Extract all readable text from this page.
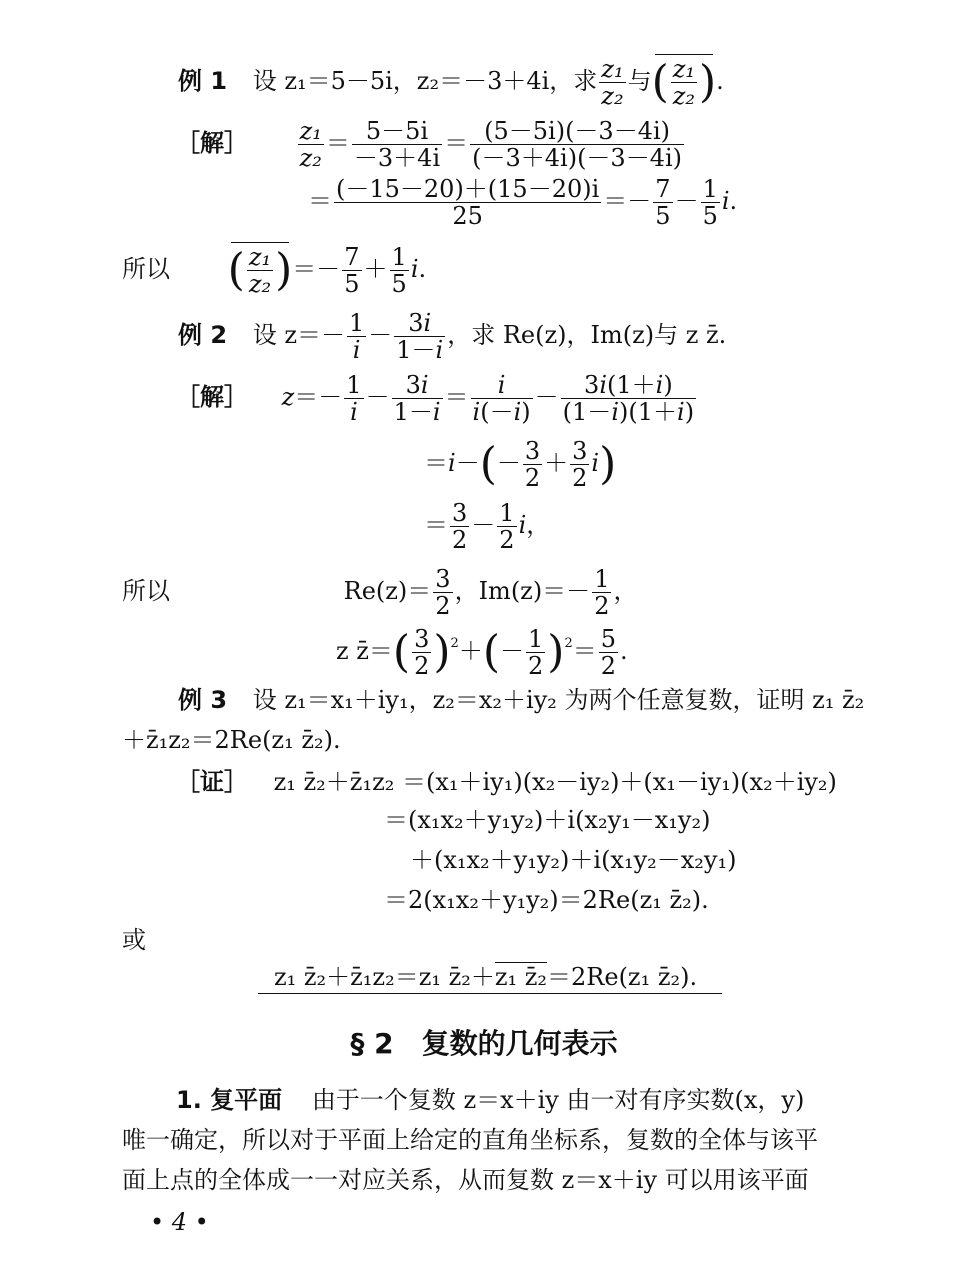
例 1 设 z₁＝5－5i，z₂＝－3＋4i，求 $\frac{\text{z₁}}{\text{z₂}}$ 与
( $\frac{\text{z₁}}{\text{z₂}}$ ).
［解］ $\frac{\text{z₁}}{\text{z₂}} = \frac{5-5i}{-3+4i} = \frac{(5-5i)(-3-4i)}{(-3+4i)(-3-4i)}$
＝ $\frac{(-15-20)+(15-20)i}{25} =- \frac{7}{5} - \frac{1}{5} i$.
所以 ( $\frac{\text{z₁}}{\text{z₂}}$ )＝－ $\frac{7}{5} + \frac{1}{5} i$.
例 2 设 $z=- \frac{1}{i} - \frac{3i}{1-i}$ ，求 Re(z)，Im(z)与 z z̄.
［解］ $z=- \frac{1}{i} - \frac{3i}{1-i} = \frac{i}{i(-i)} - \frac{3i(1+i)}{(1-i)(1+i)}$
$=i-(- \frac{3}{2} + \frac{3}{2} i)$
＝ $\frac{3}{2} - \frac{1}{2}$ i，
所以	$Re(z)= \frac{3}{2}$ ，$Im(z)=- \frac{1}{2}$ ，
z z̄＝( $\frac{3}{2} )^2+(- \frac{1}{2} )^2= \frac{5}{2}$ .
例 3 设 z₁＝x₁＋iy₁，z₂＝x₂＋iy₂ 为两个任意复数，证明 z₁ z̄₂
＋z̄₁z₂＝2Re(z₁ z̄₂).
［证］ z₁ z̄₂＋z̄₁z₂ ＝(x₁＋iy₁)(x₂－iy₂)＋(x₁－iy₁)(x₂＋iy₂)
＝(x₁x₂＋y₁y₂)＋i(x₂y₁－x₁y₂)
＋(x₁x₂＋y₁y₂)＋i(x₁y₂－x₂y₁)
＝2(x₁x₂＋y₁y₂)＝2Re(z₁ z̄₂).
或
z₁ z̄₂＋z̄₁z₂＝z₁ z̄₂＋z₁ z̄₂＝2Re(z₁ z̄₂).
§ 2　复数的几何表示
1. 复平面 由于一个复数 z＝x＋iy 由一对有序实数(x，y)
唯一确定，所以对于平面上给定的直角坐标系，复数的全体与该平
面上点的全体成一一对应关系，从而复数 z＝x＋iy 可以用该平面
• 4 •
